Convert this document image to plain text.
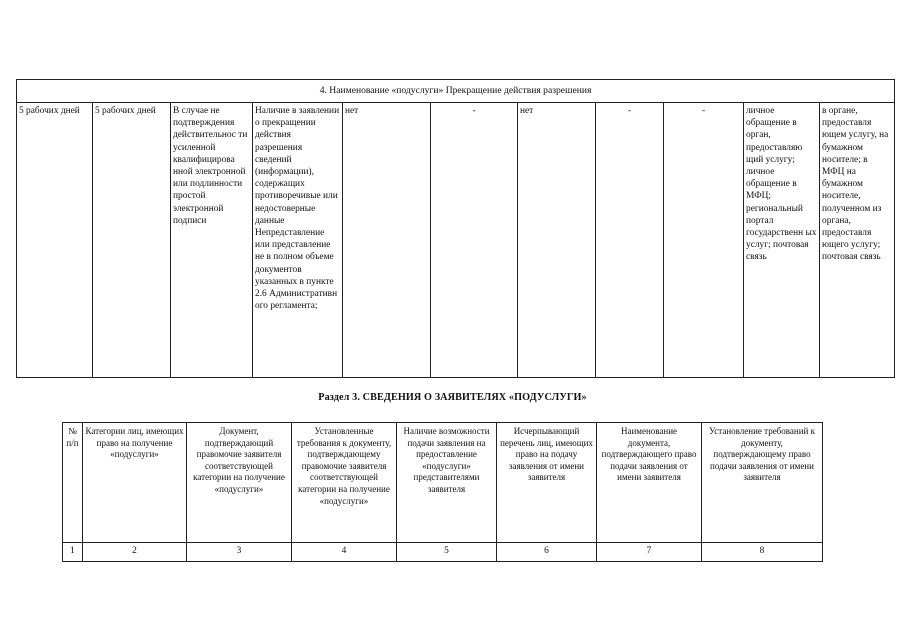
4. Наименование «подуслуги» Прекращение действия разрешения
5 рабочих дней	5 рабочих дней	В случае не подтверждения действительнос ти усиленной квалифицирова нной электронной или подлинности простой электронной подписи	Наличие в заявлении о прекращении действия разрешения сведений (информации), содержащих противоречивые или недостоверные данные Непредставление или представление не в полном объеме документов указанных в пункте 2.6 Административн ого регламента;	нет	-	нет	-	-	личное обращение в орган, предоставляю щий услугу; личное обращение в МФЦ; региональный портал государственн ых услуг; почтовая связь	в органе, предоставля ющем услугу, на бумажном носителе; в МФЦ на бумажном носителе, полученном из органа, предоставля ющего услугу; почтовая связь
Раздел 3. СВЕДЕНИЯ О ЗАЯВИТЕЛЯХ «ПОДУСЛУГИ»
№ п/п	Категории лиц, имеющих право на получение «подуслуги»	Документ, подтверждающий правомочие заявителя соответствующей категории на получение «подуслуги»	Установленные требования к документу, подтверждающему правомочие заявителя соответствующей категории на получение «подуслуги»	Наличие возможности подачи заявления на предоставление «подуслуги» представителями заявителя	Исчерпывающий перечень лиц, имеющих право на подачу заявления от имени заявителя	Наименование документа, подтверждающего право подачи заявления от имени заявителя	Установление требований к документу, подтверждающему право подачи заявления от имени заявителя
1	2	3	4	5	6	7	8
